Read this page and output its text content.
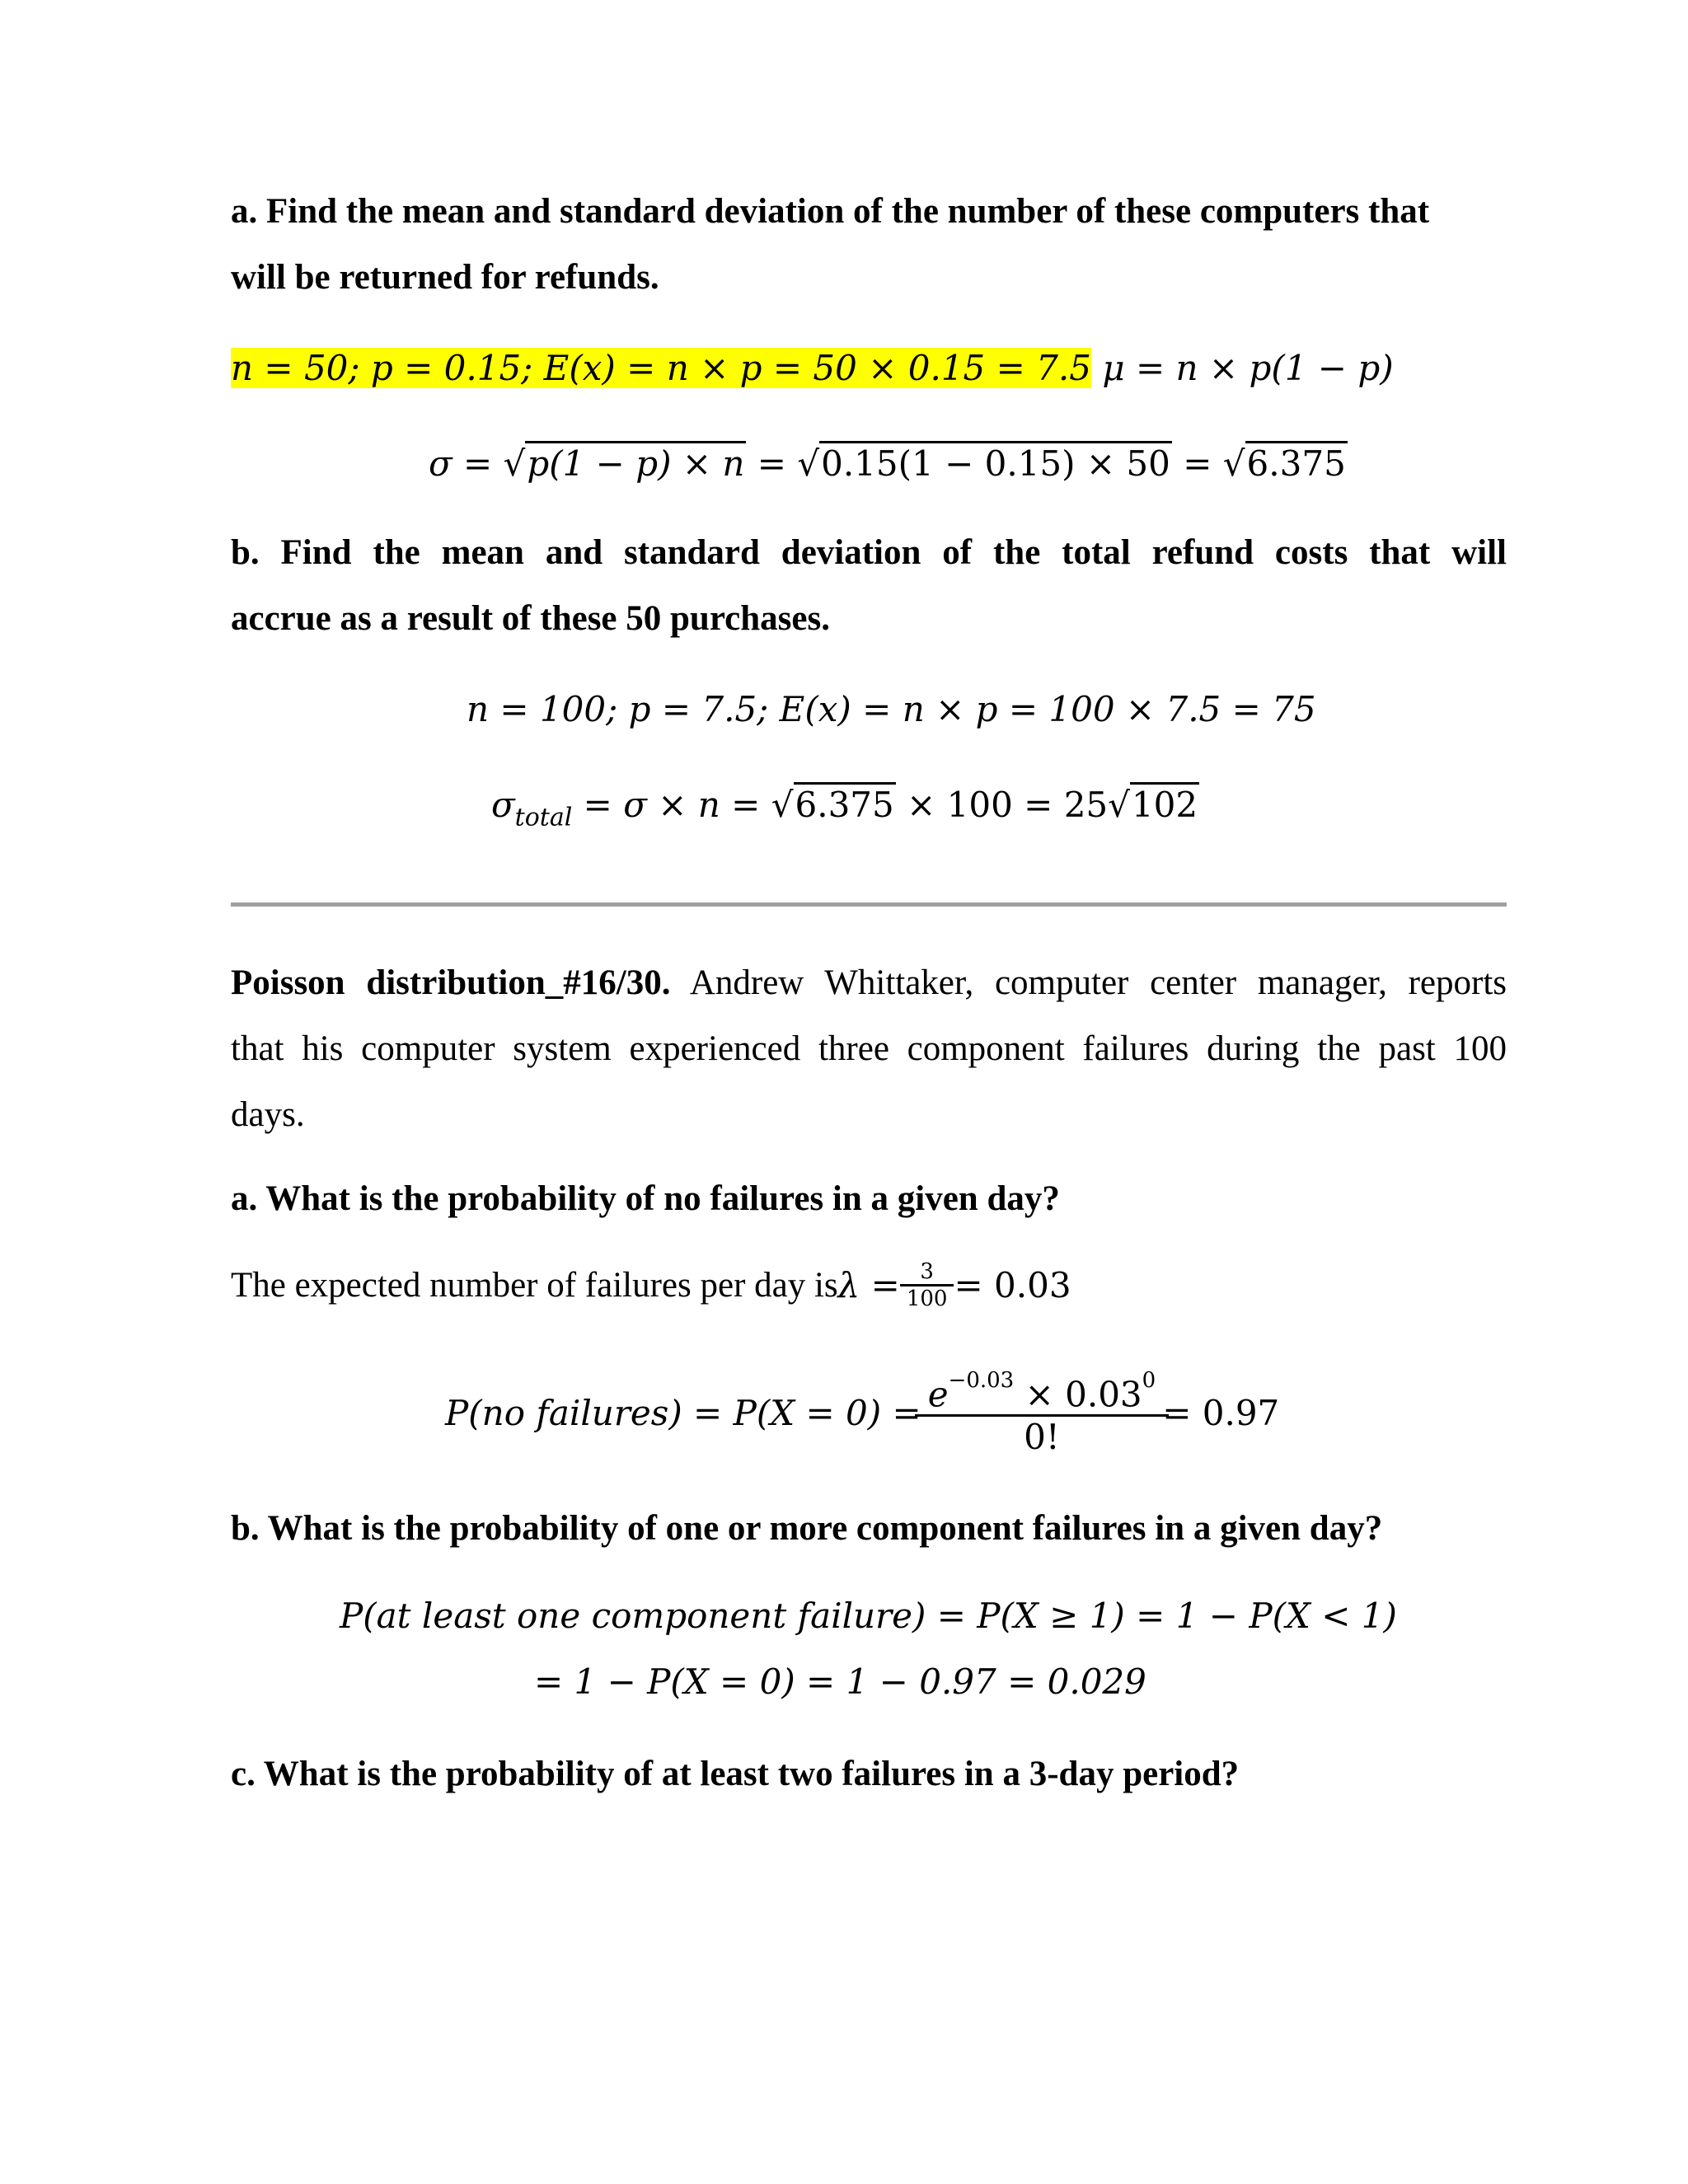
a. Find the mean and standard deviation of the number of these computers that
will be returned for refunds.
n = 50; p = 0.15; E(x) = n × p = 50 × 0.15 = 7.5 μ = n × p(1 − p)
σ = √p(1 − p) × n = √0.15(1 − 0.15) × 50 = √6.375
b. Find the mean and standard deviation of the total refund costs that will
accrue as a result of these 50 purchases.
n = 100; p = 7.5; E(x) = n × p = 100 × 7.5 = 75
$\sigma_{total} = \sigma \times n = √6.375 \times 100 = 25√102$
Poisson distribution_#16/30. Andrew Whittaker, computer center manager, reports
that his computer system experienced three component failures during the past 100
days.
a. What is the probability of no failures in a given day?
The expected number of failures per day is $\lambda = \frac{3}{100} = 0.03$
P(no failures) = $P(X = 0) = \frac{e^{-0.03} \times 0.03^0}{0!} = 0.97$
b. What is the probability of one or more component failures in a given day?
P(at least one component failure) = P(X ≥ 1) = 1 − P(X < 1)
= 1 − P(X = 0) = 1 − 0.97 = 0.029
c. What is the probability of at least two failures in a 3-day period?
